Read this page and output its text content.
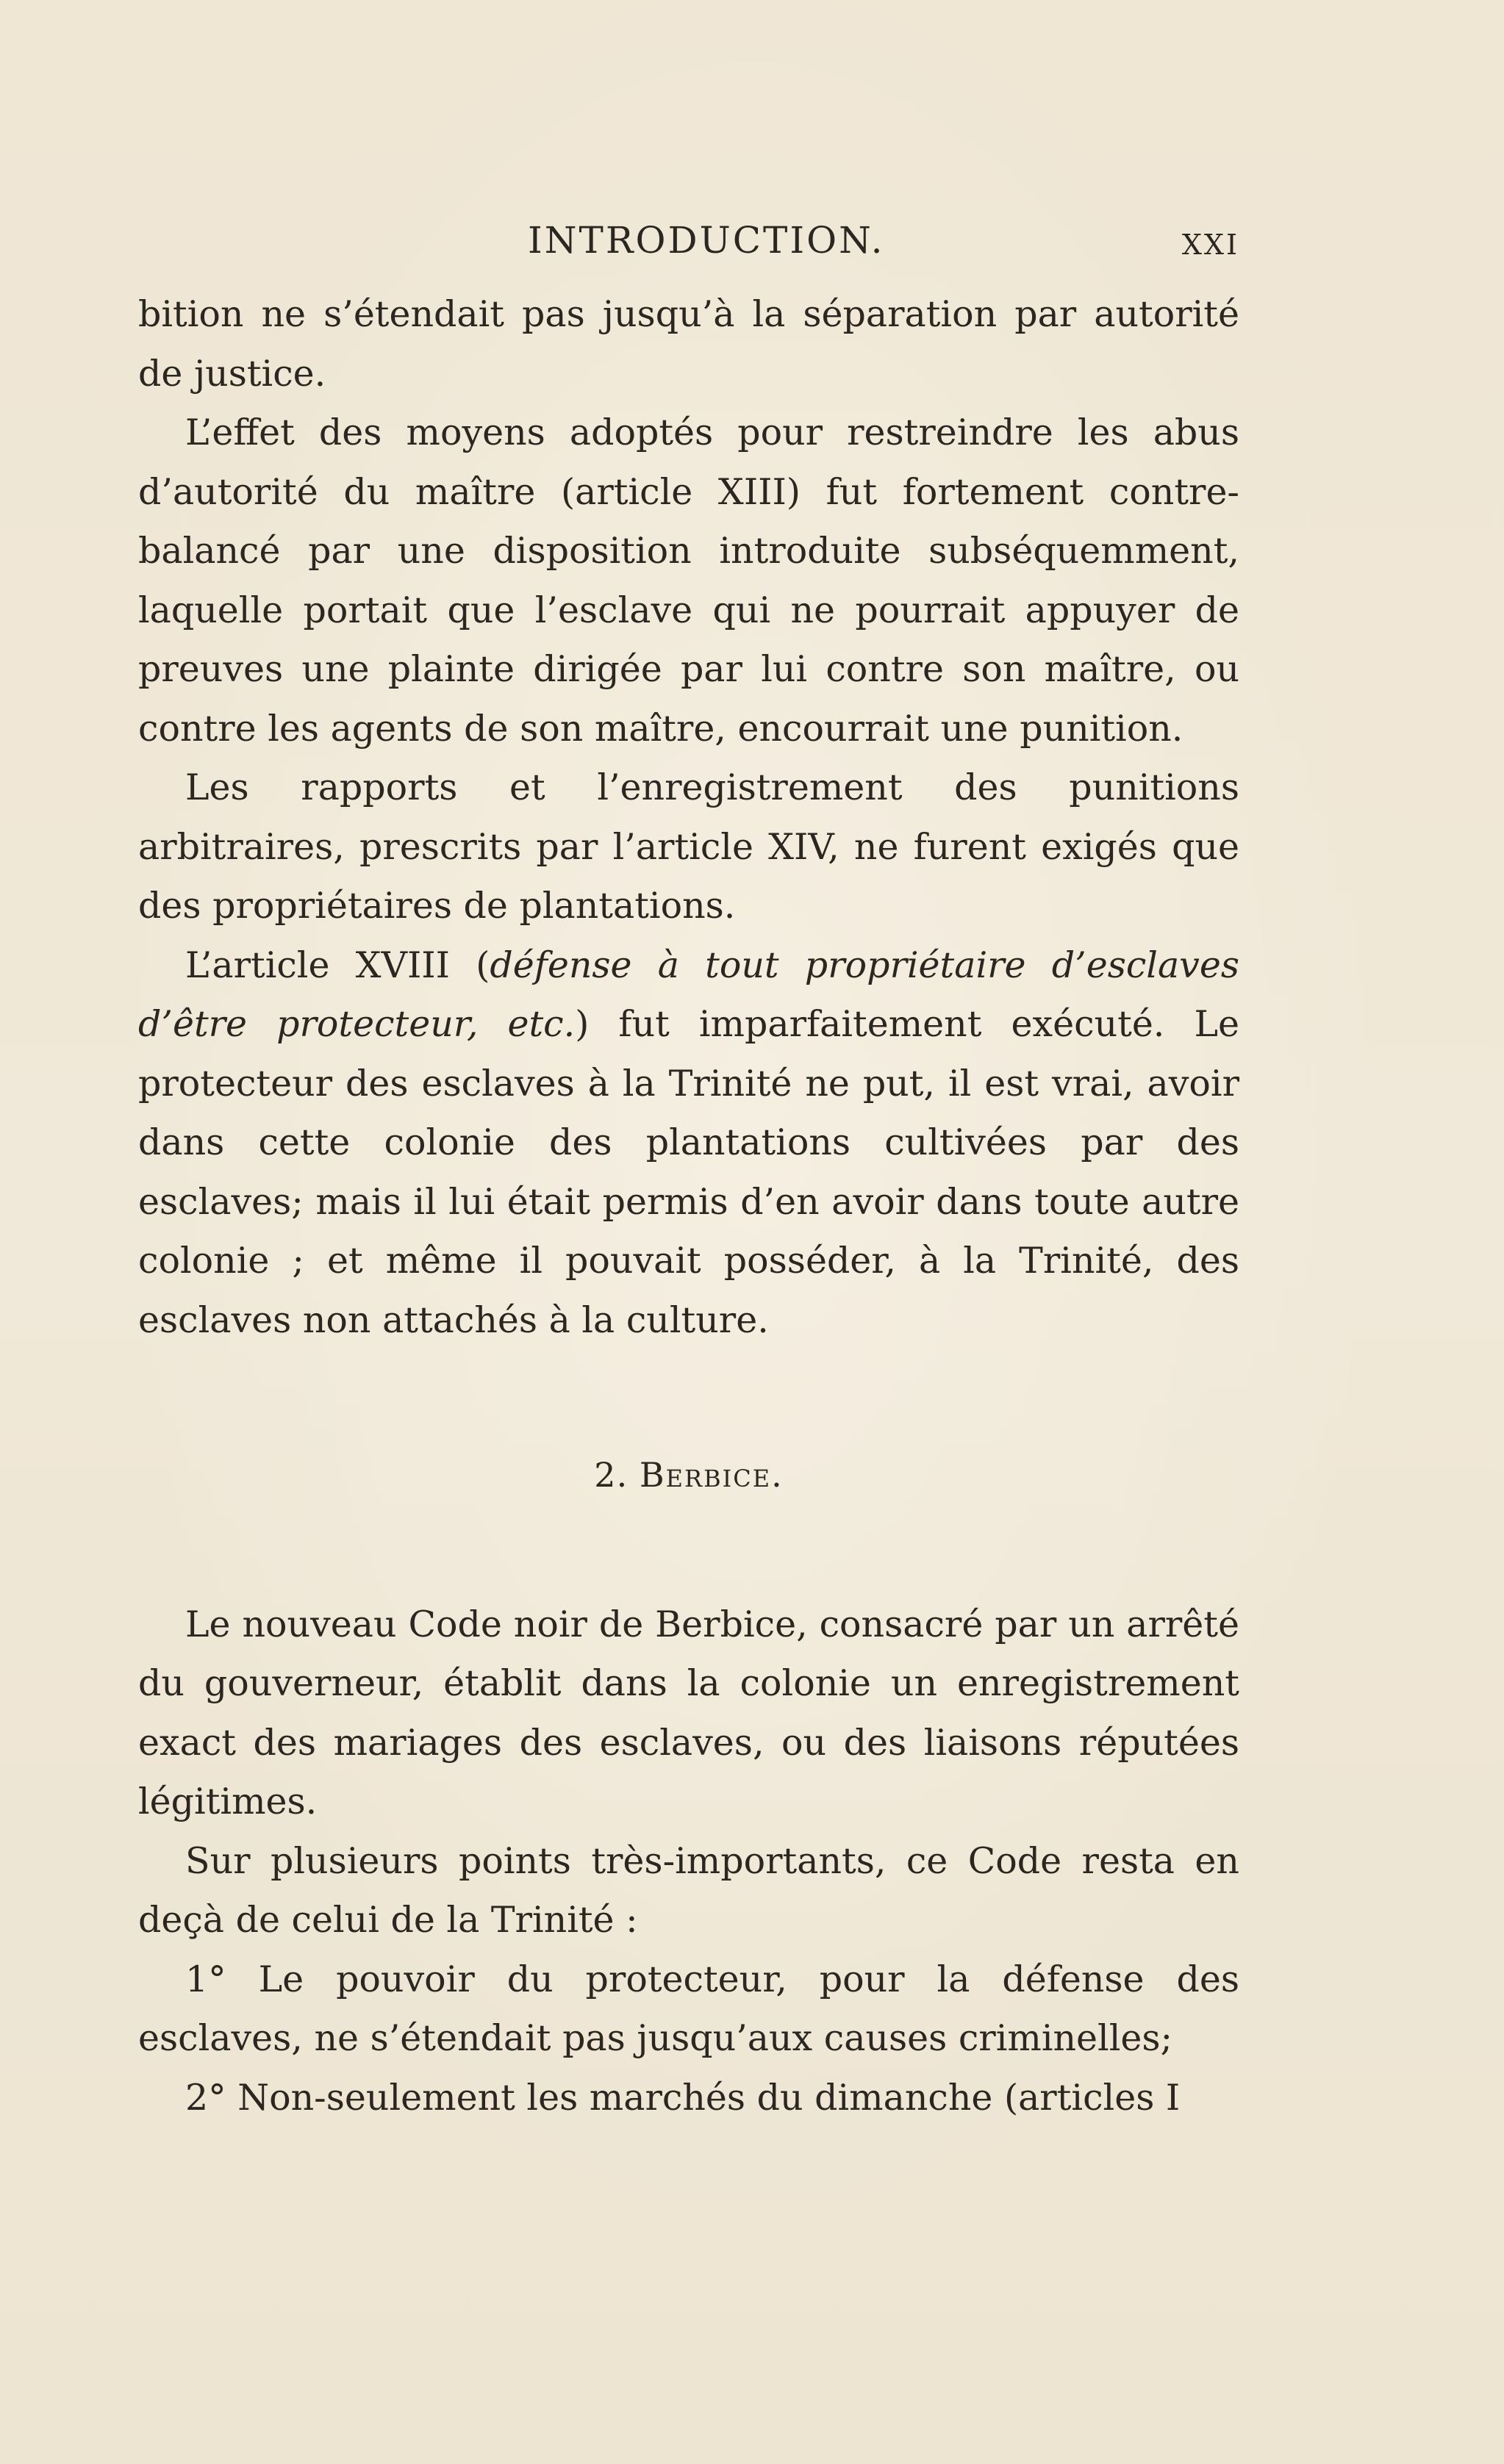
INTRODUCTION.	XXI

bition ne s’étendait pas jusqu’à la séparation par autorité de justice.

L’effet des moyens adoptés pour restreindre les abus d’autorité du maître (article XIII) fut fortement contre-balancé par une disposition introduite subséquemment, laquelle portait que l’esclave qui ne pourrait appuyer de preuves une plainte dirigée par lui contre son maître, ou contre les agents de son maître, encourrait une punition.

Les rapports et l’enregistrement des punitions arbitraires, prescrits par l’article XIV, ne furent exigés que des propriétaires de plantations.

L’article XVIII (défense à tout propriétaire d’esclaves d’être protecteur, etc.) fut imparfaitement exécuté. Le protecteur des esclaves à la Trinité ne put, il est vrai, avoir dans cette colonie des plantations cultivées par des esclaves; mais il lui était permis d’en avoir dans toute autre colonie ; et même il pouvait posséder, à la Trinité, des esclaves non attachés à la culture.

2. Berbice.

Le nouveau Code noir de Berbice, consacré par un arrêté du gouverneur, établit dans la colonie un enregistrement exact des mariages des esclaves, ou des liaisons réputées légitimes.

Sur plusieurs points très-importants, ce Code resta en deçà de celui de la Trinité :

1° Le pouvoir du protecteur, pour la défense des esclaves, ne s’étendait pas jusqu’aux causes criminelles;

2° Non-seulement les marchés du dimanche (articles I
